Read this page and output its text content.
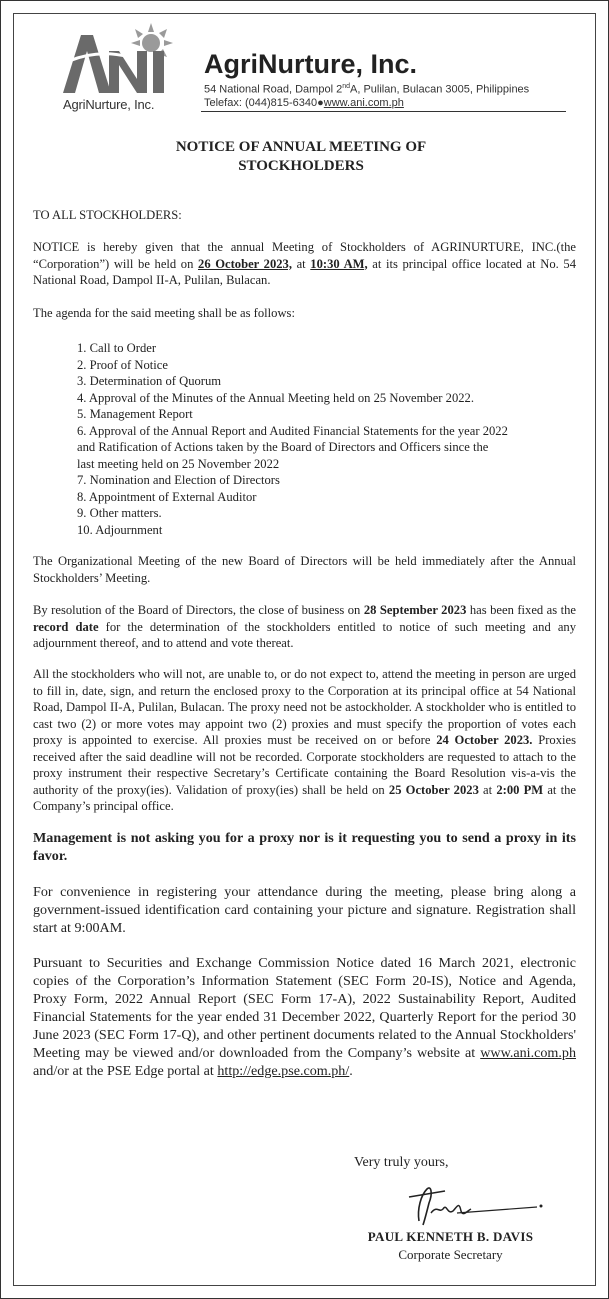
AgriNurture, Inc.
AgriNurture, Inc.
54 National Road, Dampol 2ndA, Pulilan, Bulacan 3005, Philippines
Telefax: (044)815-6340●www.ani.com.ph
NOTICE OF ANNUAL MEETING OF
STOCKHOLDERS
TO ALL STOCKHOLDERS:
NOTICE is hereby given that the annual Meeting of Stockholders of AGRINURTURE, INC.(the “Corporation”) will be held on 26 October 2023, at 10:30 AM, at its principal office located at No. 54 National Road, Dampol II-A, Pulilan, Bulacan.
The agenda for the said meeting shall be as follows:
1. Call to Order
2. Proof of Notice
3. Determination of Quorum
4. Approval of the Minutes of the Annual Meeting held on 25 November 2022.
5. Management Report
6. Approval of the Annual Report and Audited Financial Statements for the year 2022
and Ratification of Actions taken by the Board of Directors and Officers since the
last meeting held on 25 November 2022
7. Nomination and Election of Directors
8. Appointment of External Auditor
9. Other matters.
10. Adjournment
The Organizational Meeting of the new Board of Directors will be held immediately after the Annual Stockholders’ Meeting.
By resolution of the Board of Directors, the close of business on 28 September 2023 has been fixed as the record date for the determination of the stockholders entitled to notice of such meeting and any adjournment thereof, and to attend and vote thereat.
All the stockholders who will not, are unable to, or do not expect to, attend the meeting in person are urged to fill in, date, sign, and return the enclosed proxy to the Corporation at its principal office at 54 National Road, Dampol II-A, Pulilan, Bulacan. The proxy need not be astockholder. A stockholder who is entitled to cast two (2) or more votes may appoint two (2) proxies and must specify the proportion of votes each proxy is appointed to exercise. All proxies must be received on or before 24 October 2023. Proxies received after the said deadline will not be recorded. Corporate stockholders are requested to attach to the proxy instrument their respective Secretary’s Certificate containing the Board Resolution vis-a-vis the authority of the proxy(ies). Validation of proxy(ies) shall be held on 25 October 2023 at 2:00 PM at the Company’s principal office.
Management is not asking you for a proxy nor is it requesting you to send a proxy in its favor.
For convenience in registering your attendance during the meeting, please bring along a government-issued identification card containing your picture and signature. Registration shall start at 9:00AM.
Pursuant to Securities and Exchange Commission Notice dated 16 March 2021, electronic copies of the Corporation’s Information Statement (SEC Form 20-IS), Notice and Agenda, Proxy Form, 2022 Annual Report (SEC Form 17-A), 2022 Sustainability Report, Audited Financial Statements for the year ended 31 December 2022, Quarterly Report for the period 30 June 2023 (SEC Form 17-Q), and other pertinent documents related to the Annual Stockholders' Meeting may be viewed and/or downloaded from the Company’s website at www.ani.com.ph and/or at the PSE Edge portal at http://edge.pse.com.ph/.
Very truly yours,
PAUL KENNETH B. DAVIS
Corporate Secretary
